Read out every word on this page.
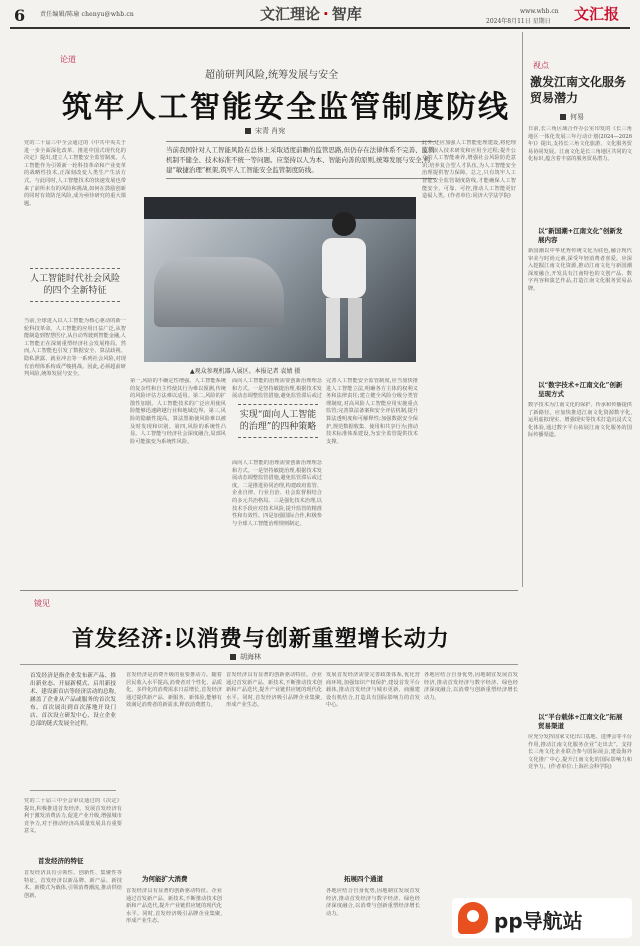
6 责任编辑/陈瑜 chenyu@whb.cn	文汇理论 · 智库	www.whb.cn
2024年8月11日 星期日 文汇报
论道
超前研判风险,统筹发展与安全
筑牢人工智能安全监管制度防线
宋青 肖宛
当前我国针对人工智能风险在总体上采取适度前瞻的监管思路,但仍存在法律体系不完善、监管机制不健全、技术标准不统一等问题。应坚持以人为本、智能向善的原则,统筹发展与安全,构建“敏捷治理”框架,筑牢人工智能安全监管制度防线。
党的二十届三中全会通过的《中共中央关于进一步全面深化改革、推进中国式现代化的决定》提出,建立人工智能安全监管制度。人工智能作为引领新一轮科技革命和产业变革的战略性技术,正深刻改变人类生产生活方式。与此同时,人工智能技术的快速发展也带来了前所未有的风险和挑战,如何在鼓励创新的同时有效防范风险,成为亟待研究的重大课题。
人工智能时代社会风险的四个全新特征
当前,全球进入以人工智能为核心驱动的新一轮科技革命。人工智能的应用日益广泛,从智能制造到智慧医疗,从自动驾驶到智能金融,人工智能正在深刻重塑经济社会发展格局。然而,人工智能也引发了数据安全、算法歧视、隐私泄露、就业冲击等一系列社会风险,对现有治理体系构成严峻挑战。因此,必须超前研判风险,统筹发展与安全。	▲观众参观机器人展区。本报记者 袁婧 摄
第一,风险的不确定性增强。人工智能系统的复杂性和自主性使其行为难以预测,传统的风险评估方法难以适用。第二,风险的扩散性加剧。人工智能技术的广泛应用使风险能够迅速跨越行业和地域边界。第三,风险的隐蔽性提高。算法黑箱使风险难以被及时发现和识别。第四,风险的系统性凸显。人工智能与经济社会深度融合,局部风险可能演变为系统性风险。
面向人工智能的治理需要创新治理理念和方式。一是坚持敏捷治理,根据技术发展动态调整监管措施,避免监管滞后或过
实现“面向人工智能的治理”的四种策略
面向人工智能的治理需要创新治理理念和方式。一是坚持敏捷治理,根据技术发展动态调整监管措施,避免监管滞后或过度。二是推进协同治理,构建政府监管、企业自律、行业自治、社会监督相结合的多元共治格局。三是强化技术治理,以技术手段应对技术风险,提升监管的精准性和有效性。四是加强国际合作,积极参与全球人工智能治理规则制定。
完善人工智能安全监管制度,应当加快推进人工智能立法,明确各方主体的权利义务和法律责任;建立健全风险分级分类管理制度,对高风险人工智能应用实施重点监管;完善算法备案和安全评估机制,提升算法透明度和可解释性;加强数据安全保护,规范数据收集、使用和共享行为;推动技术标准体系建设,为安全监管提供技术支撑。
此外,还应加强人工智能伦理建设,将伦理要求嵌入技术研发和应用全过程;提升公众的人工智能素养,增强社会风险防范意识;培养复合型人才队伍,为人工智能安全治理提供智力保障。总之,只有筑牢人工智能安全监管制度防线,才能确保人工智能安全、可靠、可控,推动人工智能更好造福人类。(作者单位:同济大学法学院)
视点
激发江南文化服务贸易潜力
何易
日前,长三角区域合作办公室印发的《长三角地区一体化发展三年行动计划(2024—2026年)》提出,支持长三角文化旅游、文化服务贸易协同发展。江南文化是长三角地区共同的文化标识,蕴含着丰富的服务贸易潜力。
以“新国潮+江南文化”创新发展内容
新国潮以中华优秀传统文化为底色,融合现代审美与时尚元素,深受年轻消费者喜爱。应深入挖掘江南文化资源,推动江南文化与新国潮深度融合,开发具有江南特色的文创产品、数字内容和演艺作品,打造江南文化服务贸易品牌。
以“数字技术+江南文化”创新呈现方式
数字技术为江南文化的保护、传承和传播提供了新路径。应加快推进江南文化资源数字化,运用虚拟现实、增强现实等技术打造沉浸式文化体验,通过数字平台拓展江南文化服务的国际传播渠道。
以“平台载体+江南文化”拓展贸易渠道
应充分发挥国家文化出口基地、进博会等平台作用,推动江南文化服务企业“走出去”。支持长三角文化企业联合参与国际展会,建设海外文化推广中心,提升江南文化的国际影响力和竞争力。(作者单位:上海社会科学院)
镜见
首发经济:以消费与创新重塑增长动力
胡海林
首发经济是指企业发布新产品、推出新业态、开展新模式、启用新技术、建设新首店等经济活动的总称,涵盖了企业从产品或服务的首次发布、首次展出到首次落地开设门店、首次设立研发中心、设立企业总部的链式发展全过程。
党的二十届三中全会审议通过的《决定》提出,积极推进首发经济。发展首发经济有利于激发消费活力,促进产业升级,增强城市竞争力,对于推动经济高质量发展具有重要意义。
首发经济的特征
首发经济具有引领性、创新性、集聚性等特征。首发经济以新品牌、新产品、新技术、新模式为载体,引领消费潮流,推动供给创新。
首发经济是消费升级的重要推动力。随着居民收入水平提高,消费者对个性化、品质化、多样化的消费需求日益增长,首发经济通过提供新产品、新服务、新体验,能够有效满足消费者的新需求,释放消费潜力。
为何能扩大消费
首发经济具有显著的创新驱动特征。企业通过首发新产品、新技术,不断推动技术创新和产品迭代,提升产业链供应链的现代化水平。同时,首发经济吸引品牌企业集聚,形成产业生态。
首发经济具有显著的创新驱动特征。企业通过首发新产品、新技术,不断推动技术创新和产品迭代,提升产业链供应链的现代化水平。同时,首发经济吸引品牌企业集聚,形成产业生态。
发展首发经济需要完善政策体系,优化营商环境,加强知识产权保护,建设首发平台载体,推动首发经济与城市更新、商圈建设有机结合,打造具有国际影响力的首发中心。
拓展四个通道
各地应结合自身优势,因地制宜发展首发经济,推动首发经济与数字经济、绿色经济深度融合,以消费与创新重塑经济增长动力。
各地应结合自身优势,因地制宜发展首发经济,推动首发经济与数字经济、绿色经济深度融合,以消费与创新重塑经济增长动力。
pp导航站
